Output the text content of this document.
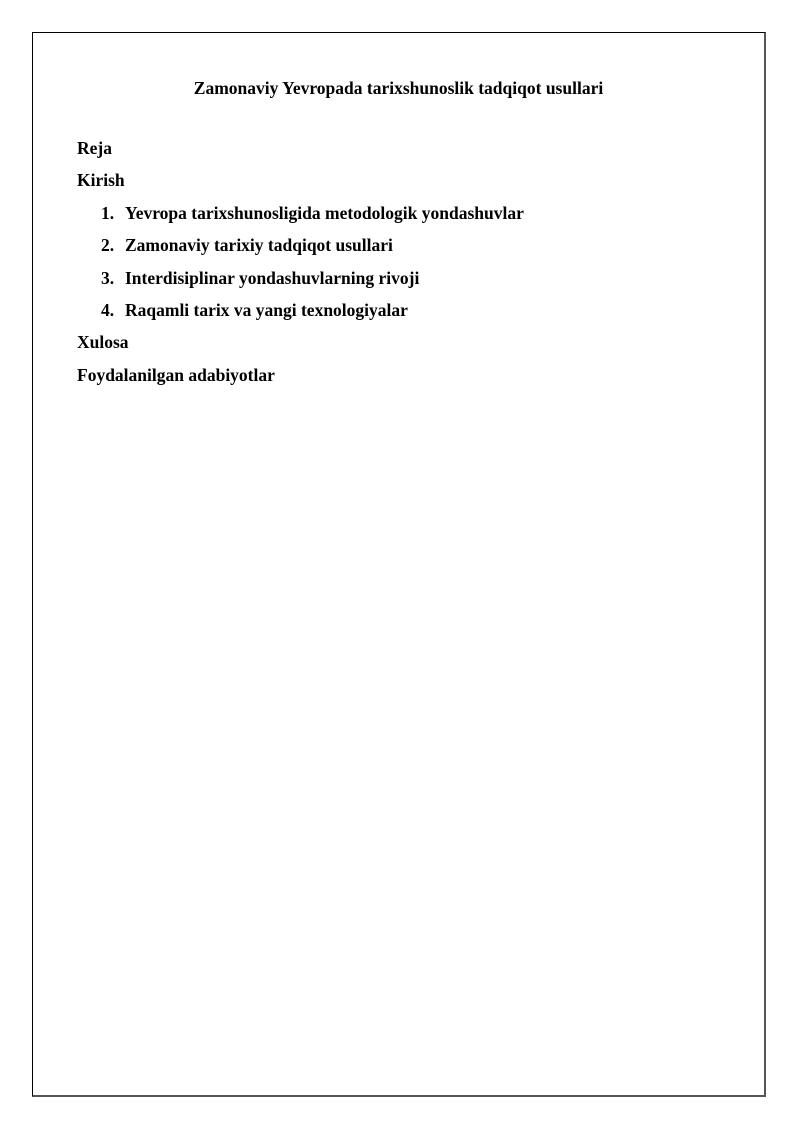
Zamonaviy Yevropada tarixshunoslik tadqiqot usullari
Reja
Kirish
1. Yevropa tarixshunosligida metodologik yondashuvlar
2. Zamonaviy tarixiy tadqiqot usullari
3. Interdisiplinar yondashuvlarning rivoji
4. Raqamli tarix va yangi texnologiyalar
Xulosa
Foydalanilgan adabiyotlar
